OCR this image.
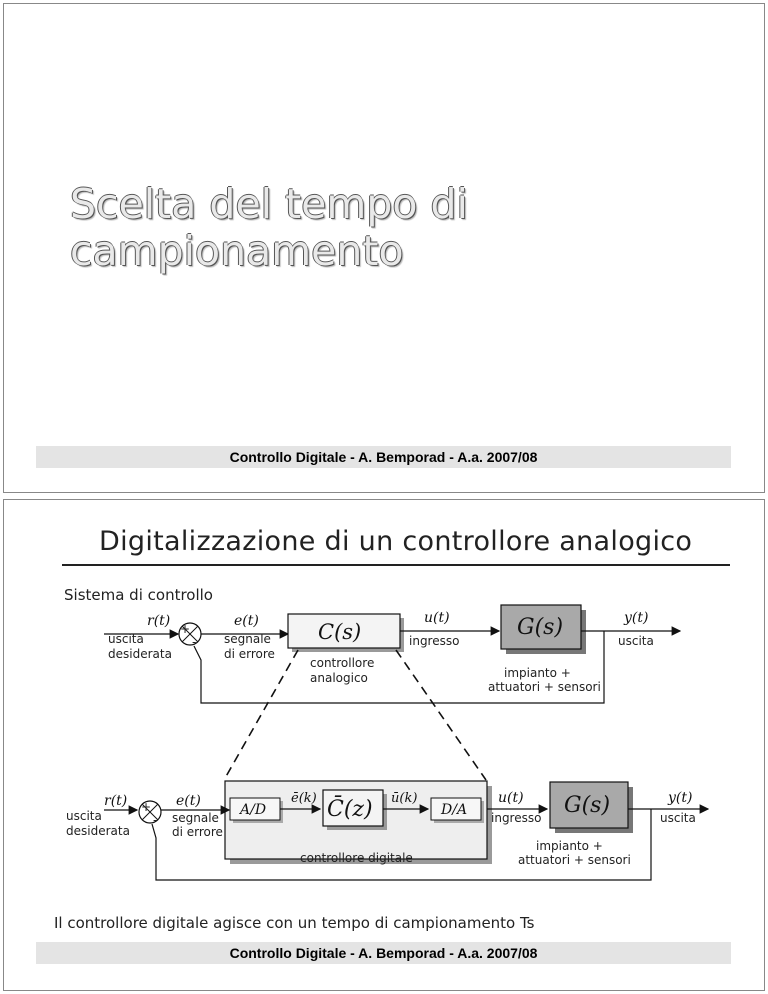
Scelta del tempo di
campionamento
Controllo Digitale - A. Bemporad - A.a. 2007/08
Digitalizzazione di un controllore analogico
Sistema di controllo
r(t)
uscita
desiderata
+
-
e(t)
segnale
di errore
C(s)
controllore
analogico
u(t)
ingresso
G(s)
impianto +
attuatori + sensori
y(t)
uscita
controllore digitale
r(t)
uscita
desiderata
+
-
e(t)
segnale
di errore
A/D
ē(k) C̄(z) ū(k)
D/A
u(t)
ingresso G(s)
impianto +
attuatori + sensori
y(t)
uscita
Il controllore digitale agisce con un tempo di campionamento Ts
Controllo Digitale - A. Bemporad - A.a. 2007/08
